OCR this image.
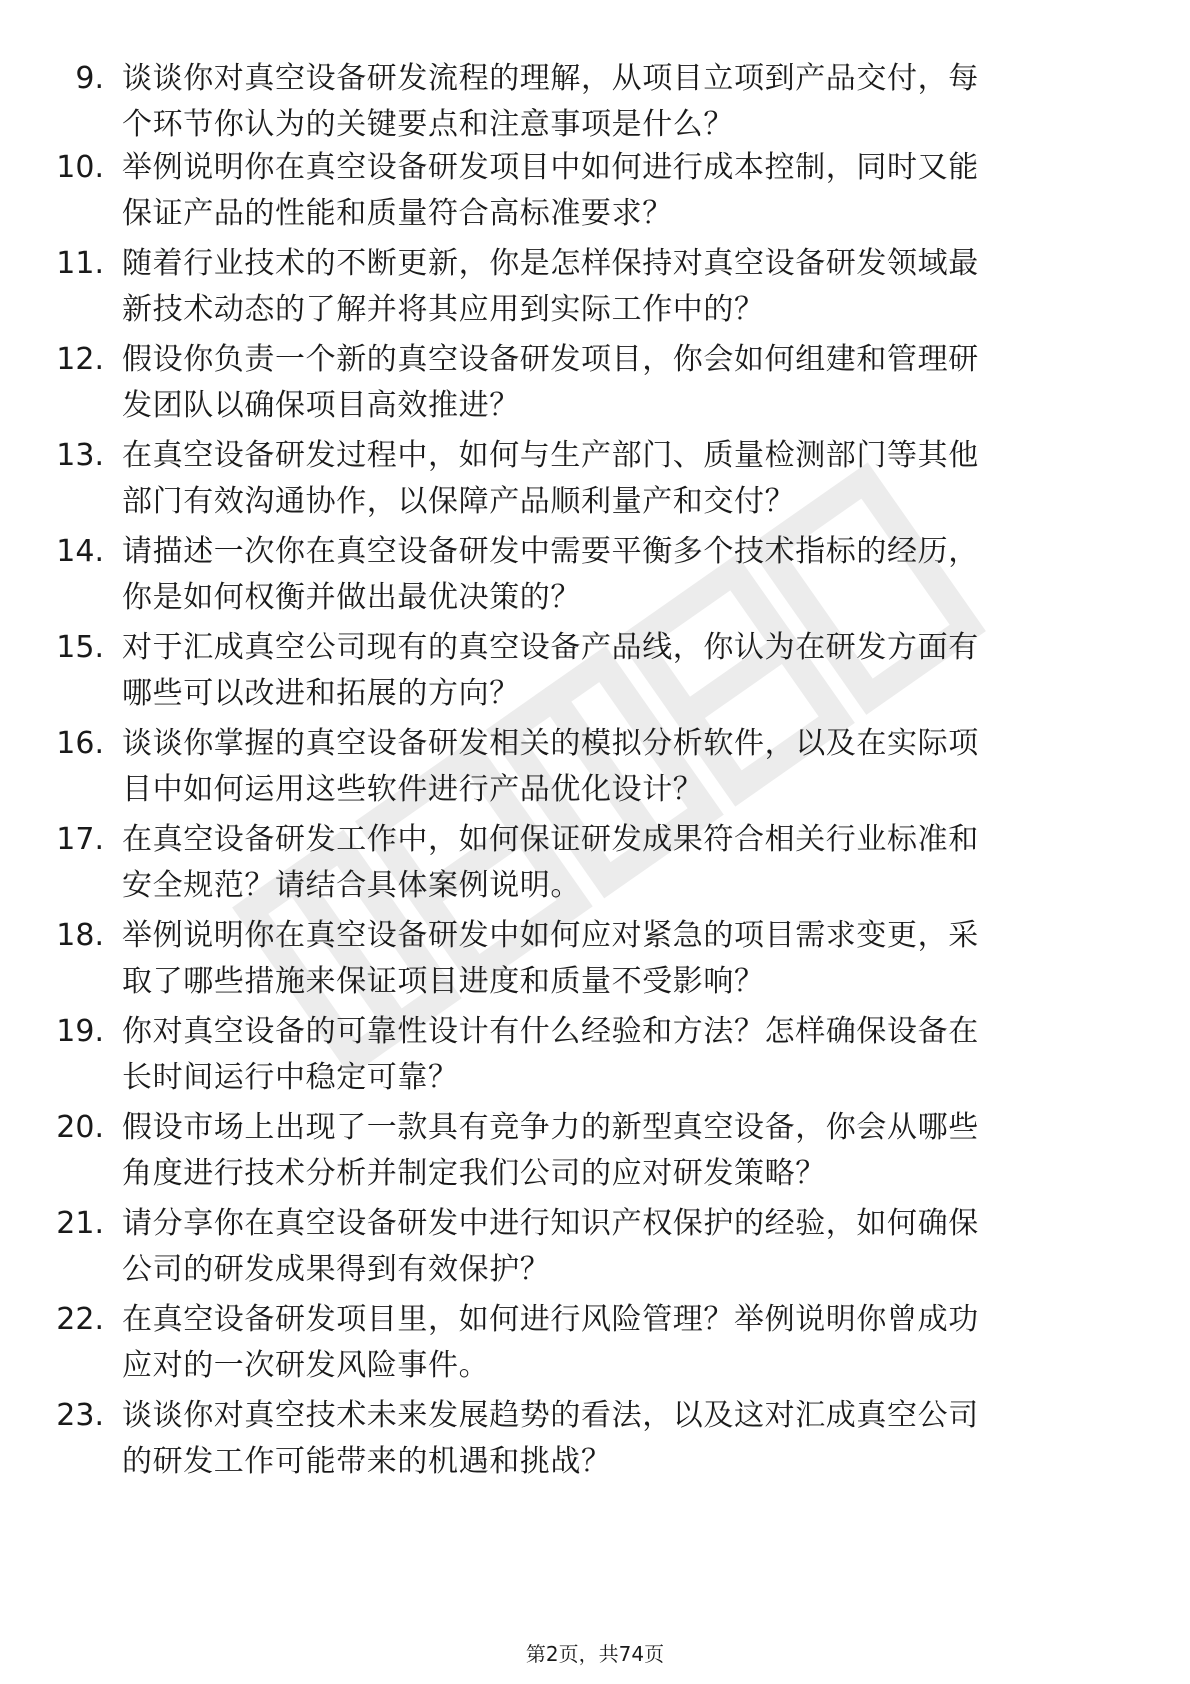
9. 谈谈你对真空设备研发流程的理解，从项目立项到产品交付，每
个环节你认为的关键要点和注意事项是什么？
10. 举例说明你在真空设备研发项目中如何进行成本控制，同时又能
保证产品的性能和质量符合高标准要求？
11. 随着行业技术的不断更新，你是怎样保持对真空设备研发领域最
新技术动态的了解并将其应用到实际工作中的？
12. 假设你负责一个新的真空设备研发项目，你会如何组建和管理研
发团队以确保项目高效推进？
13. 在真空设备研发过程中，如何与生产部门、质量检测部门等其他
部门有效沟通协作，以保障产品顺利量产和交付？
14. 请描述一次你在真空设备研发中需要平衡多个技术指标的经历，
你是如何权衡并做出最优决策的？
15. 对于汇成真空公司现有的真空设备产品线，你认为在研发方面有
哪些可以改进和拓展的方向？
16. 谈谈你掌握的真空设备研发相关的模拟分析软件，以及在实际项
目中如何运用这些软件进行产品优化设计？
17. 在真空设备研发工作中，如何保证研发成果符合相关行业标准和
安全规范？请结合具体案例说明。
18. 举例说明你在真空设备研发中如何应对紧急的项目需求变更，采
取了哪些措施来保证项目进度和质量不受影响？
19. 你对真空设备的可靠性设计有什么经验和方法？怎样确保设备在
长时间运行中稳定可靠？
20. 假设市场上出现了一款具有竞争力的新型真空设备，你会从哪些
角度进行技术分析并制定我们公司的应对研发策略？
21. 请分享你在真空设备研发中进行知识产权保护的经验，如何确保
公司的研发成果得到有效保护？
22. 在真空设备研发项目里，如何进行风险管理？举例说明你曾成功
应对的一次研发风险事件。
23. 谈谈你对真空技术未来发展趋势的看法，以及这对汇成真空公司
的研发工作可能带来的机遇和挑战？
第2页，共74页
